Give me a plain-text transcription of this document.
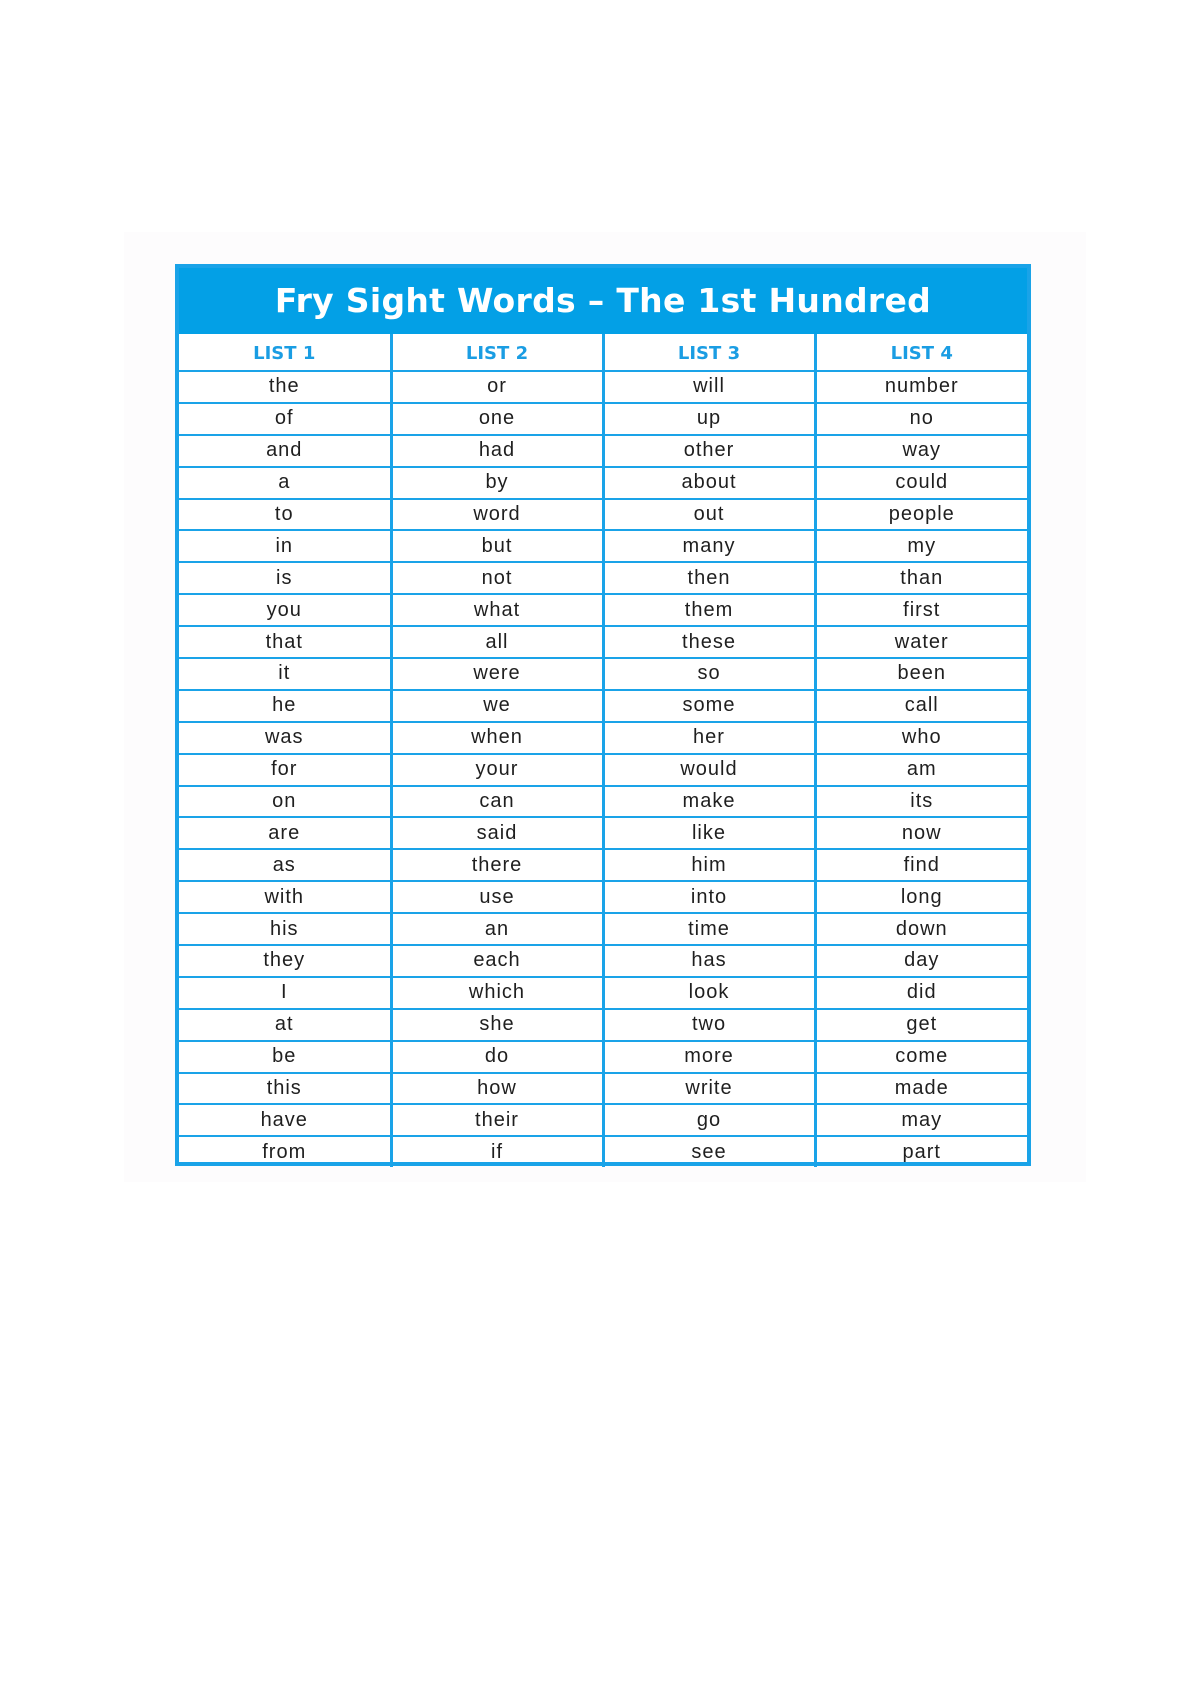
Fry Sight Words – The 1st Hundred
LIST 1	LIST 2	LIST 3	LIST 4
the	or	will	number
of	one	up	no
and	had	other	way
a	by	about	could
to	word	out	people
in	but	many	my
is	not	then	than
you	what	them	first
that	all	these	water
it	were	so	been
he	we	some	call
was	when	her	who
for	your	would	am
on	can	make	its
are	said	like	now
as	there	him	find
with	use	into	long
his	an	time	down
they	each	has	day
I	which	look	did
at	she	two	get
be	do	more	come
this	how	write	made
have	their	go	may
from	if	see	part
